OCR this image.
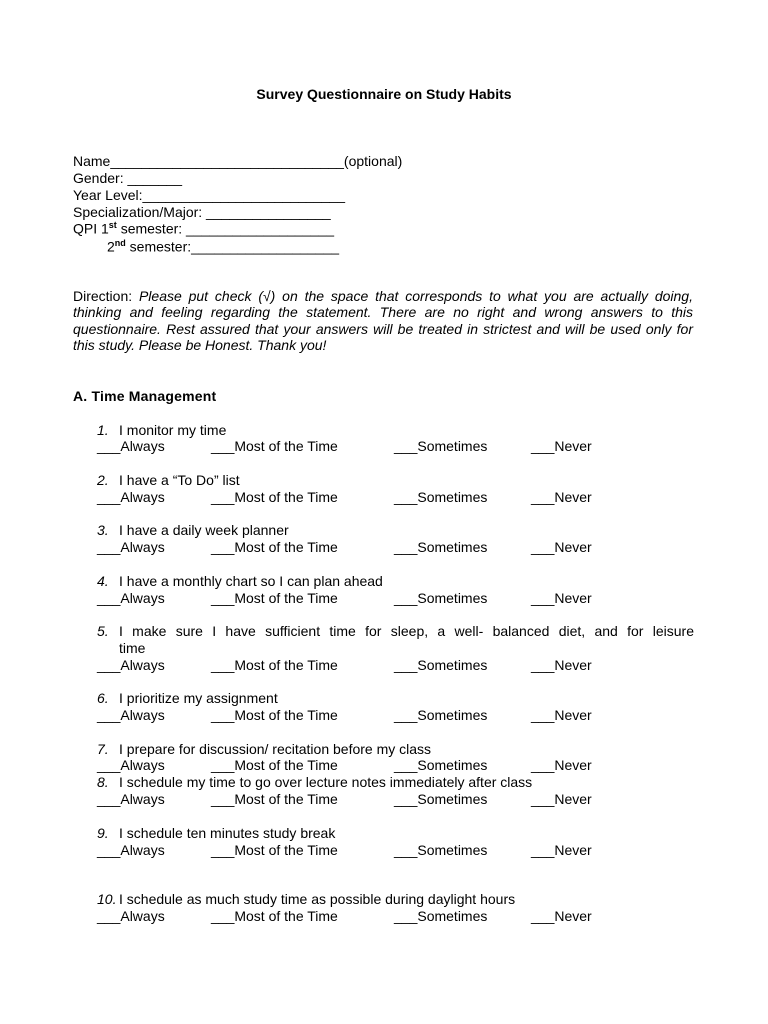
Survey Questionnaire on Study Habits
Name______________________________(optional)
Gender: _______
Year Level:__________________________
Specialization/Major: ________________
QPI 1st semester: ___________________
2nd semester:___________________
Direction: Please put check (√) on the space that corresponds to what you are actually doing, thinking and feeling regarding the statement. There are no right and wrong answers to this questionnaire. Rest assured that your answers will be treated in strictest and will be used only for this study. Please be Honest. Thank you!
A. Time Management
1. I monitor my time
___Always	___Most of the Time	___Sometimes	___Never
2. I have a “To Do” list
___Always	___Most of the Time	___Sometimes	___Never
3. I have a daily week planner
___Always	___Most of the Time	___Sometimes	___Never
4. I have a monthly chart so I can plan ahead
___Always	___Most of the Time	___Sometimes	___Never
5. I make sure I have sufficient time for sleep, a well- balanced diet, and for leisure
time
___Always	___Most of the Time	___Sometimes	___Never
6. I prioritize my assignment
___Always	___Most of the Time	___Sometimes	___Never
7. I prepare for discussion/ recitation before my class
___Always	___Most of the Time	___Sometimes	___Never
8. I schedule my time to go over lecture notes immediately after class
___Always	___Most of the Time	___Sometimes	___Never
9. I schedule ten minutes study break
___Always	___Most of the Time	___Sometimes	___Never
10. I schedule as much study time as possible during daylight hours
___Always	___Most of the Time	___Sometimes	___Never
